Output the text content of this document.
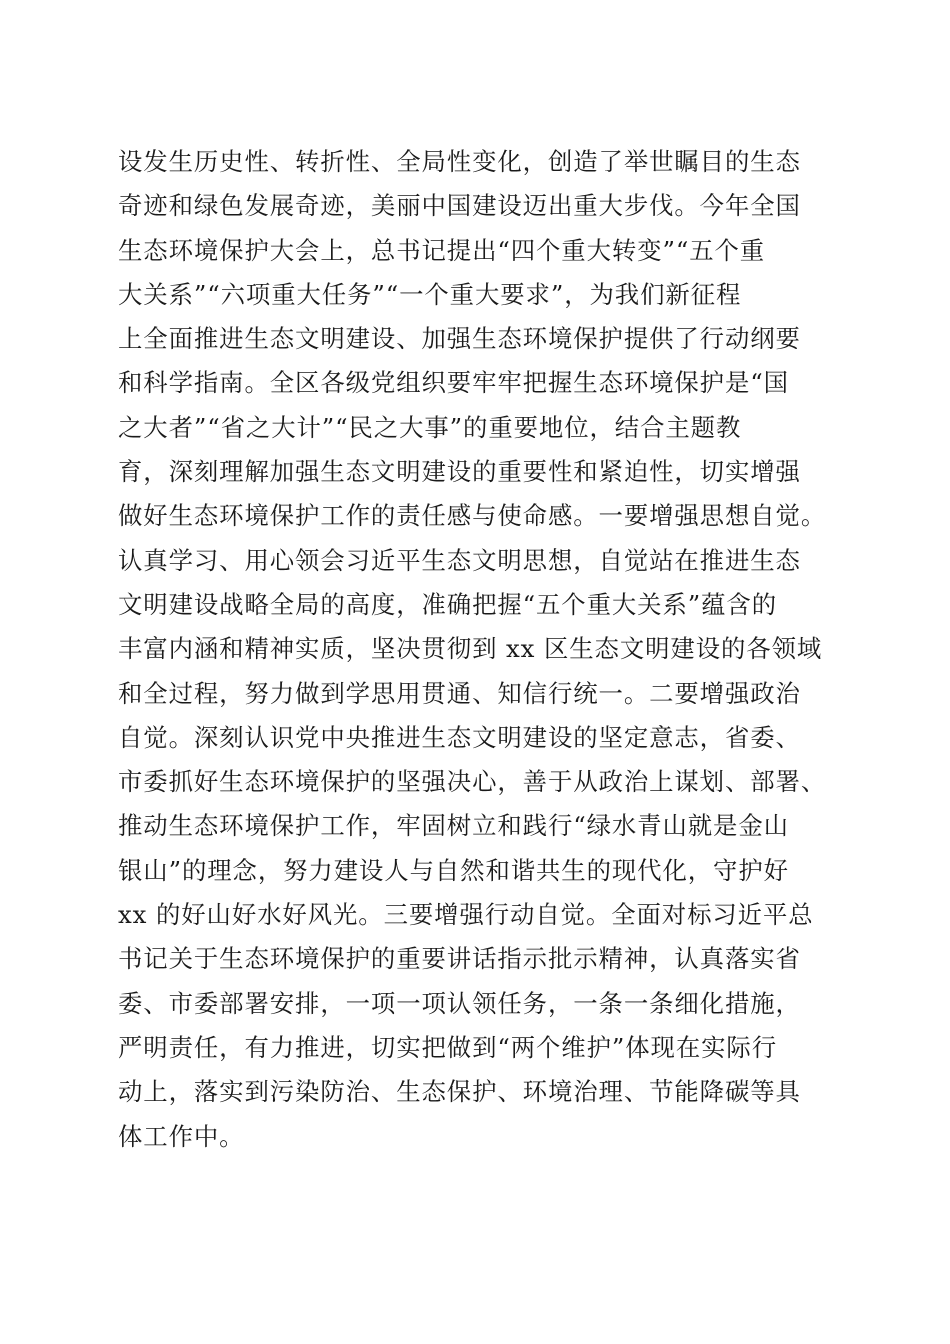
设发生历史性、转折性、全局性变化，创造了举世瞩目的生态
奇迹和绿色发展奇迹，美丽中国建设迈出重大步伐。今年全国
生态环境保护大会上，总书记提出“四个重大转变”“五个重
大关系”“六项重大任务”“一个重大要求”，为我们新征程
上全面推进生态文明建设、加强生态环境保护提供了行动纲要
和科学指南。全区各级党组织要牢牢把握生态环境保护是“国
之大者”“省之大计”“民之大事”的重要地位，结合主题教
育，深刻理解加强生态文明建设的重要性和紧迫性，切实增强
做好生态环境保护工作的责任感与使命感。一要增强思想自觉。
认真学习、用心领会习近平生态文明思想，自觉站在推进生态
文明建设战略全局的高度，准确把握“五个重大关系”蕴含的
丰富内涵和精神实质，坚决贯彻到 xx 区生态文明建设的各领域
和全过程，努力做到学思用贯通、知信行统一。二要增强政治
自觉。深刻认识党中央推进生态文明建设的坚定意志，省委、
市委抓好生态环境保护的坚强决心，善于从政治上谋划、部署、
推动生态环境保护工作，牢固树立和践行“绿水青山就是金山
银山”的理念，努力建设人与自然和谐共生的现代化，守护好
xx 的好山好水好风光。三要增强行动自觉。全面对标习近平总
书记关于生态环境保护的重要讲话指示批示精神，认真落实省
委、市委部署安排，一项一项认领任务，一条一条细化措施，
严明责任，有力推进，切实把做到“两个维护”体现在实际行
动上，落实到污染防治、生态保护、环境治理、节能降碳等具
体工作中。
